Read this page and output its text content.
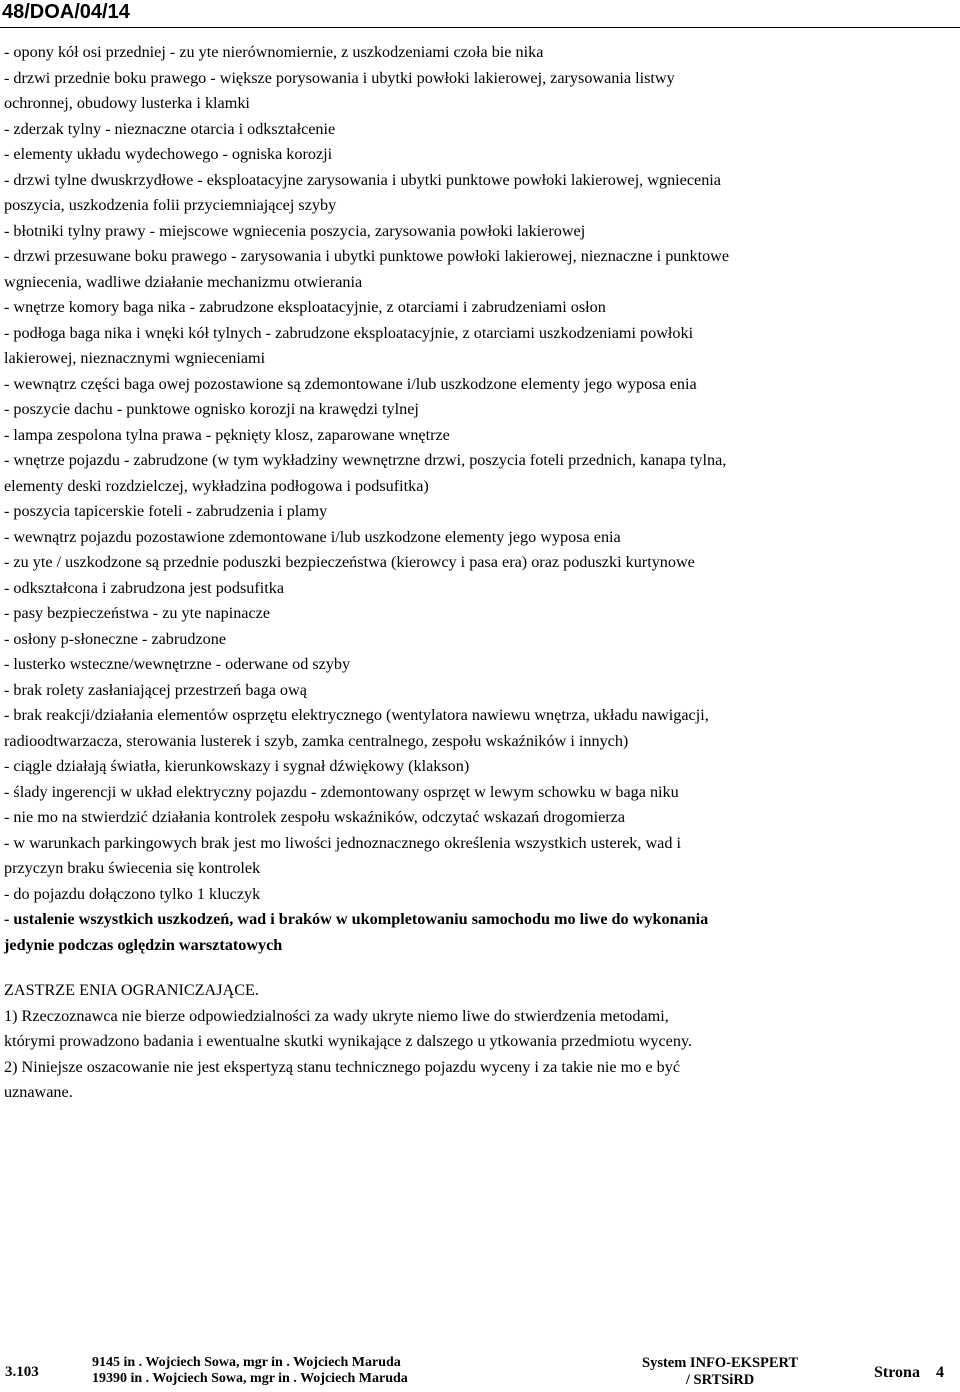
48/DOA/04/14
- opony kół osi przedniej - zu yte nierównomiernie, z uszkodzeniami czoła bie nika
- drzwi przednie boku prawego - większe porysowania i ubytki powłoki lakierowej, zarysowania listwy
ochronnej, obudowy lusterka i klamki
- zderzak tylny - nieznaczne otarcia i odkształcenie
- elementy układu wydechowego - ogniska korozji
- drzwi tylne dwuskrzydłowe - eksploatacyjne zarysowania i ubytki punktowe powłoki lakierowej, wgniecenia
poszycia, uszkodzenia folii przyciemniającej szyby
- błotniki tylny prawy - miejscowe wgniecenia poszycia, zarysowania powłoki lakierowej
- drzwi przesuwane boku prawego - zarysowania i ubytki punktowe powłoki lakierowej, nieznaczne i punktowe
wgniecenia, wadliwe działanie mechanizmu otwierania
- wnętrze komory baga nika - zabrudzone eksploatacyjnie, z otarciami i zabrudzeniami osłon
- podłoga baga nika i wnęki kół tylnych - zabrudzone eksploatacyjnie, z otarciami uszkodzeniami powłoki
lakierowej, nieznacznymi wgnieceniami
- wewnątrz części baga owej pozostawione są zdemontowane i/lub uszkodzone elementy jego wyposa enia
- poszycie dachu - punktowe ognisko korozji na krawędzi tylnej
- lampa zespolona tylna prawa - pęknięty klosz, zaparowane wnętrze
- wnętrze pojazdu - zabrudzone (w tym wykładziny wewnętrzne drzwi, poszycia foteli przednich, kanapa tylna,
elementy deski rozdzielczej, wykładzina podłogowa i podsufitka)
- poszycia tapicerskie foteli - zabrudzenia i plamy
- wewnątrz pojazdu pozostawione zdemontowane i/lub uszkodzone elementy jego wyposa enia
- zu yte / uszkodzone są przednie poduszki bezpieczeństwa (kierowcy i pasa era) oraz poduszki kurtynowe
- odkształcona i zabrudzona jest podsufitka
- pasy bezpieczeństwa - zu yte napinacze
- osłony p-słoneczne - zabrudzone
- lusterko wsteczne/wewnętrzne - oderwane od szyby
- brak rolety zasłaniającej przestrzeń baga ową
- brak reakcji/działania elementów osprzętu elektrycznego (wentylatora nawiewu wnętrza, układu nawigacji,
radioodtwarzacza, sterowania lusterek i szyb, zamka centralnego, zespołu wskaźników i innych)
- ciągle działają światła, kierunkowskazy i sygnał dźwiękowy (klakson)
- ślady ingerencji w układ elektryczny pojazdu - zdemontowany osprzęt w lewym schowku w baga niku
- nie mo na stwierdzić działania kontrolek zespołu wskaźników, odczytać wskazań drogomierza
- w warunkach parkingowych brak jest mo liwości jednoznacznego określenia wszystkich usterek, wad i
przyczyn braku świecenia się kontrolek
- do pojazdu dołączono tylko 1 kluczyk
- ustalenie wszystkich uszkodzeń, wad i braków w ukompletowaniu samochodu mo liwe do wykonania
jedynie podczas oględzin warsztatowych
ZASTRZE ENIA OGRANICZAJĄCE.
1) Rzeczoznawca nie bierze odpowiedzialności za wady ukryte niemo liwe do stwierdzenia metodami,
którymi prowadzono badania i ewentualne skutki wynikające z dalszego u ytkowania przedmiotu wyceny.
2) Niniejsze oszacowanie nie jest ekspertyzą stanu technicznego pojazdu wyceny i za takie nie mo e być
uznawane.
3.103
9145 in . Wojciech Sowa, mgr in . Wojciech Maruda
19390 in . Wojciech Sowa, mgr in . Wojciech Maruda
System INFO-EKSPERT
/ SRTSiRD	Strona 4
